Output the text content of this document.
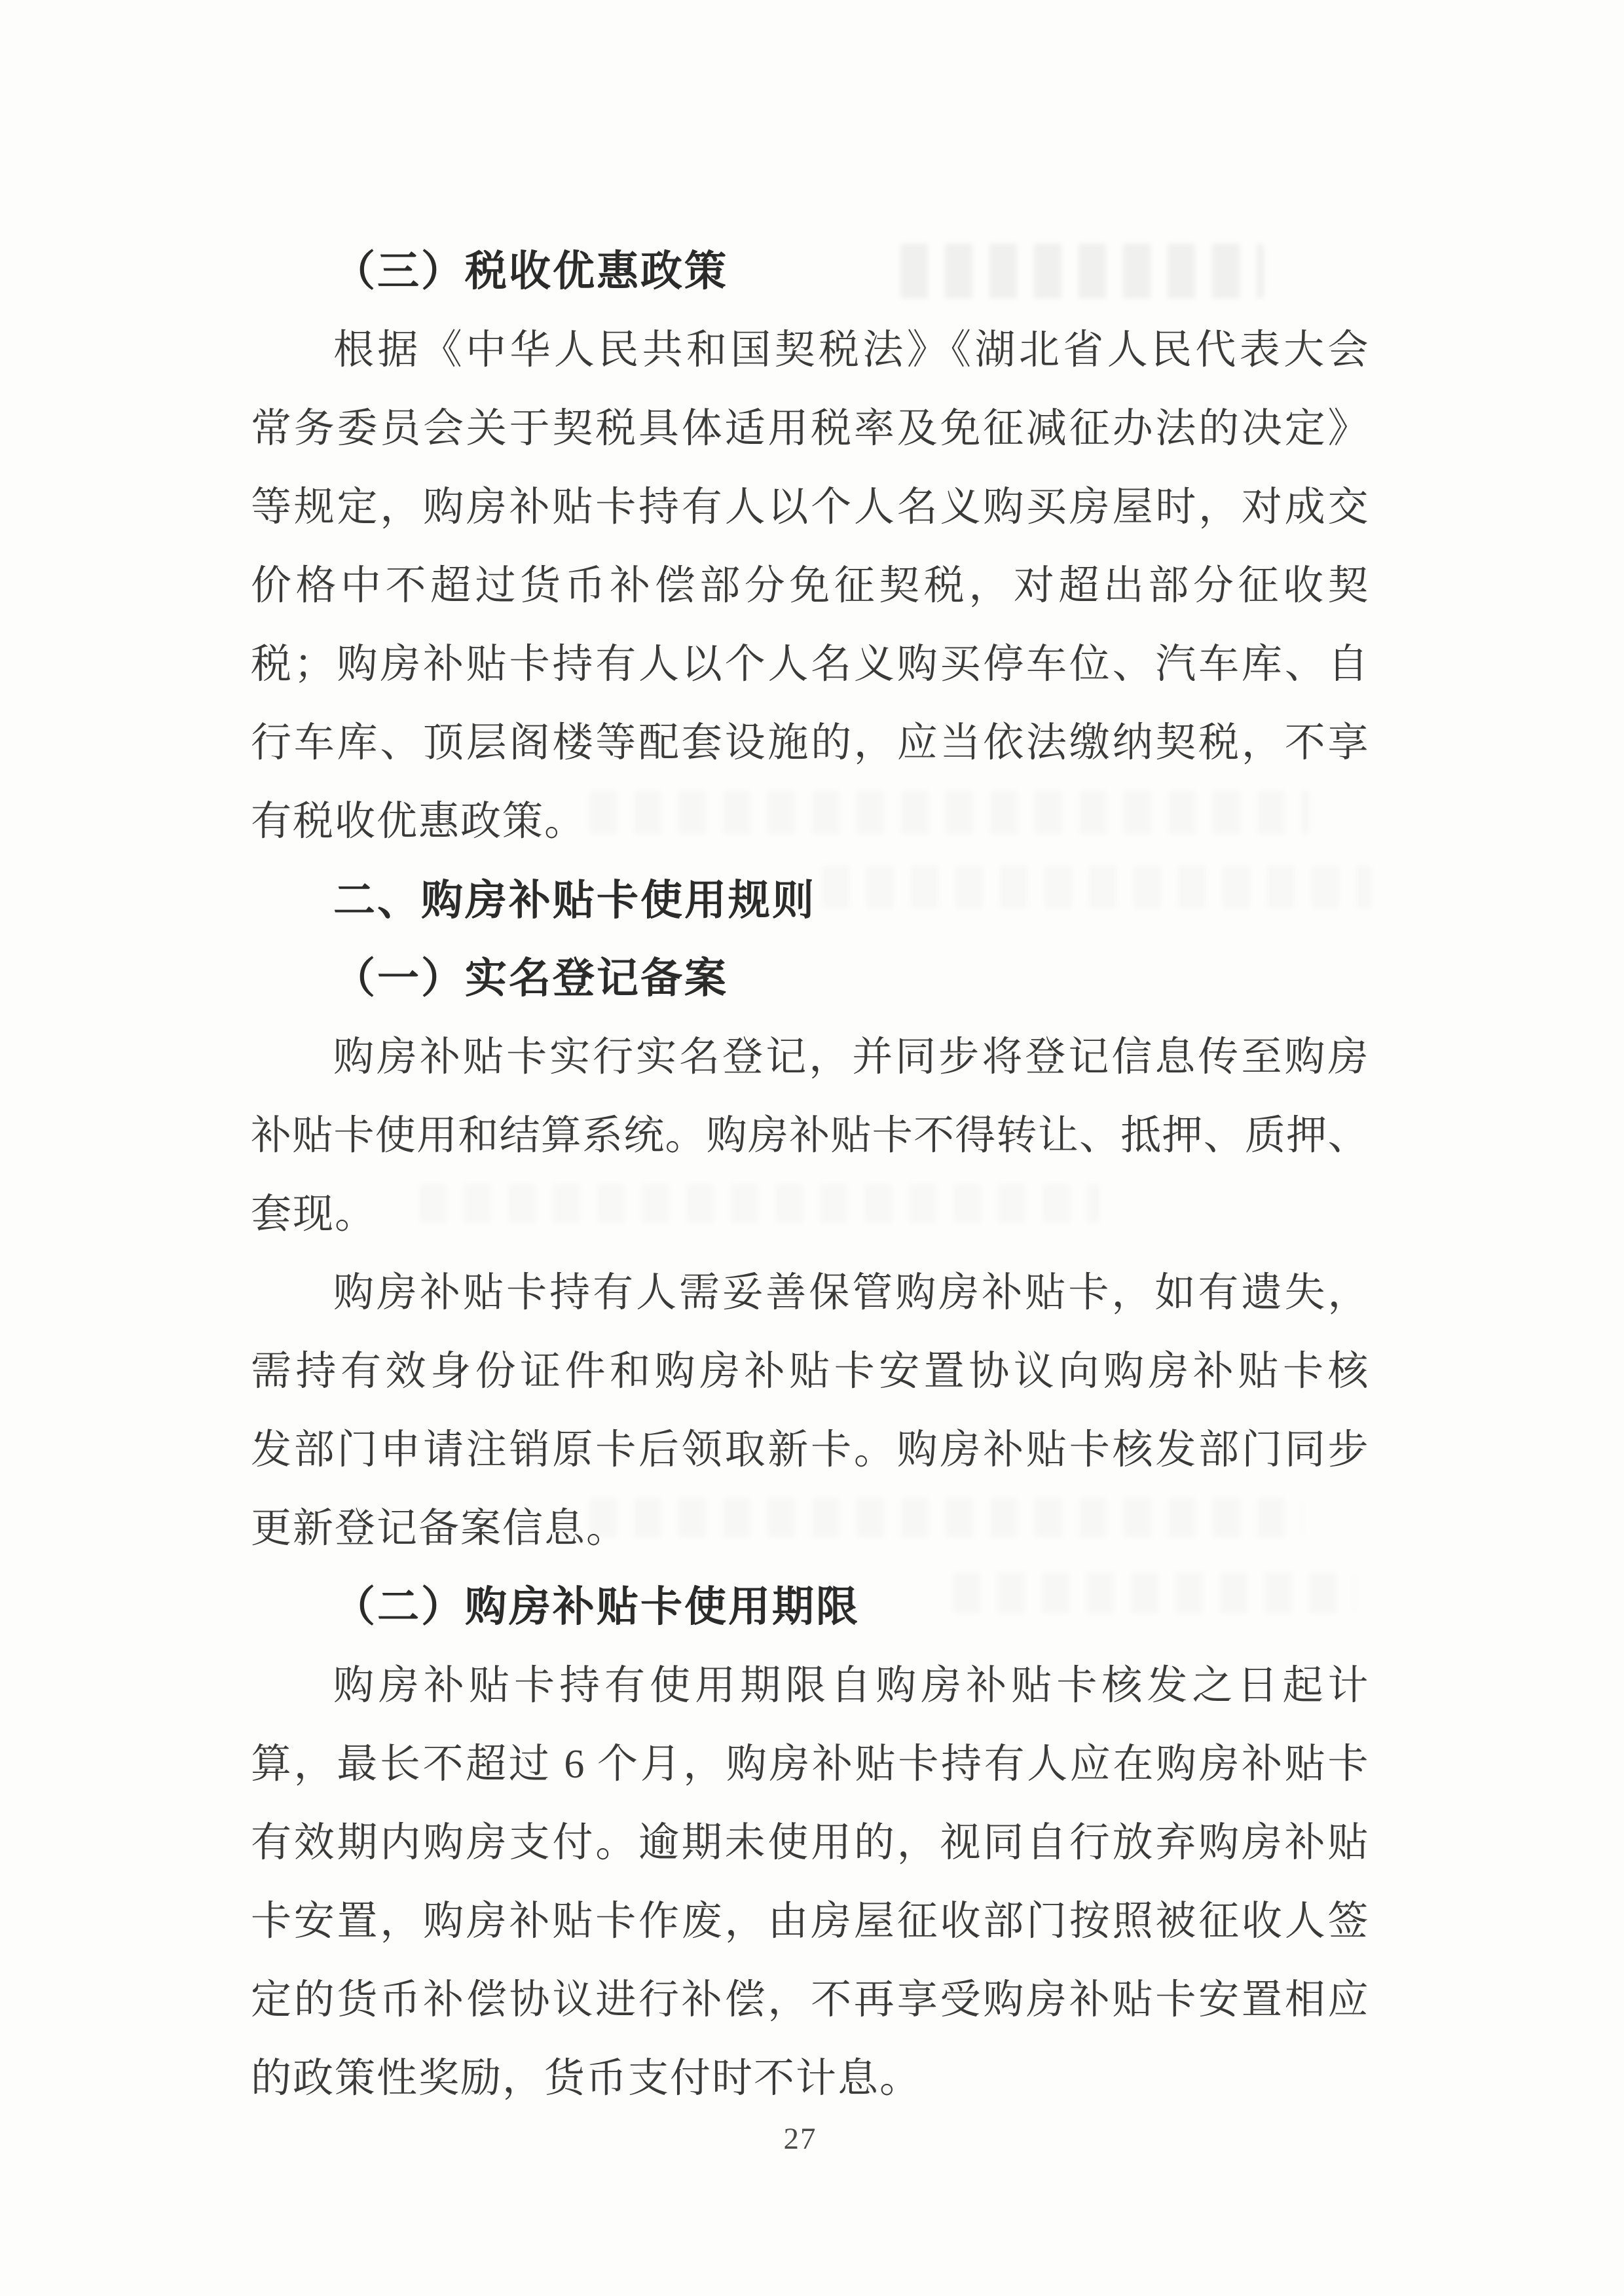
（三）税收优惠政策
根据《中华人民共和国契税法》《湖北省人民代表大会
常务委员会关于契税具体适用税率及免征减征办法的决定》
等规定，购房补贴卡持有人以个人名义购买房屋时，对成交
价格中不超过货币补偿部分免征契税，对超出部分征收契
税；购房补贴卡持有人以个人名义购买停车位、汽车库、自
行车库、顶层阁楼等配套设施的，应当依法缴纳契税，不享
有税收优惠政策。
二、购房补贴卡使用规则
（一）实名登记备案
购房补贴卡实行实名登记，并同步将登记信息传至购房
补贴卡使用和结算系统。购房补贴卡不得转让、抵押、质押、
套现。
购房补贴卡持有人需妥善保管购房补贴卡，如有遗失，
需持有效身份证件和购房补贴卡安置协议向购房补贴卡核
发部门申请注销原卡后领取新卡。购房补贴卡核发部门同步
更新登记备案信息。
（二）购房补贴卡使用期限
购房补贴卡持有使用期限自购房补贴卡核发之日起计
算，最长不超过 6 个月，购房补贴卡持有人应在购房补贴卡
有效期内购房支付。逾期未使用的，视同自行放弃购房补贴
卡安置，购房补贴卡作废，由房屋征收部门按照被征收人签
定的货币补偿协议进行补偿，不再享受购房补贴卡安置相应
的政策性奖励，货币支付时不计息。
27
